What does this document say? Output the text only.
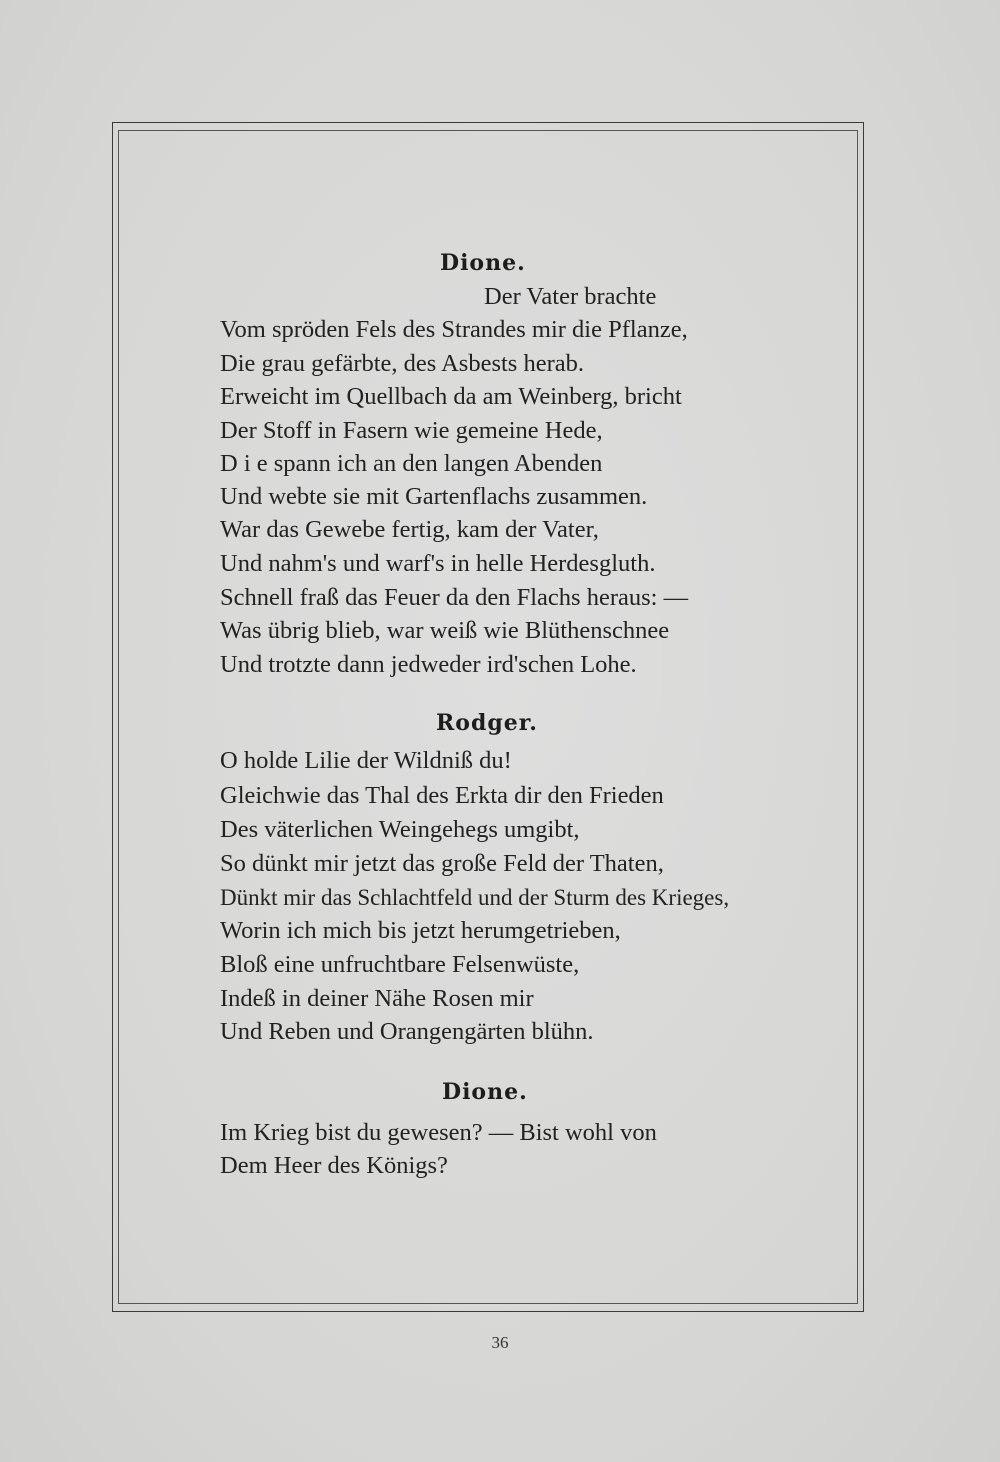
Dione.
Der Vater brachte
Vom spröden Fels des Strandes mir die Pflanze,
Die grau gefärbte, des Asbests herab.
Erweicht im Quellbach da am Weinberg, bricht
Der Stoff in Fasern wie gemeine Hede,
D i e spann ich an den langen Abenden
Und webte sie mit Gartenflachs zusammen.
War das Gewebe fertig, kam der Vater,
Und nahm's und warf's in helle Herdesgluth.
Schnell fraß das Feuer da den Flachs heraus: —
Was übrig blieb, war weiß wie Blüthenschnee
Und trotzte dann jedweder ird'schen Lohe.
Rodger.
O holde Lilie der Wildniß du!
Gleichwie das Thal des Erkta dir den Frieden
Des väterlichen Weingehegs umgibt,
So dünkt mir jetzt das große Feld der Thaten,
Dünkt mir das Schlachtfeld und der Sturm des Krieges,
Worin ich mich bis jetzt herumgetrieben,
Bloß eine unfruchtbare Felsenwüste,
Indeß in deiner Nähe Rosen mir
Und Reben und Orangengärten blühn.
Dione.
Im Krieg bist du gewesen? — Bist wohl von
Dem Heer des Königs?
36
